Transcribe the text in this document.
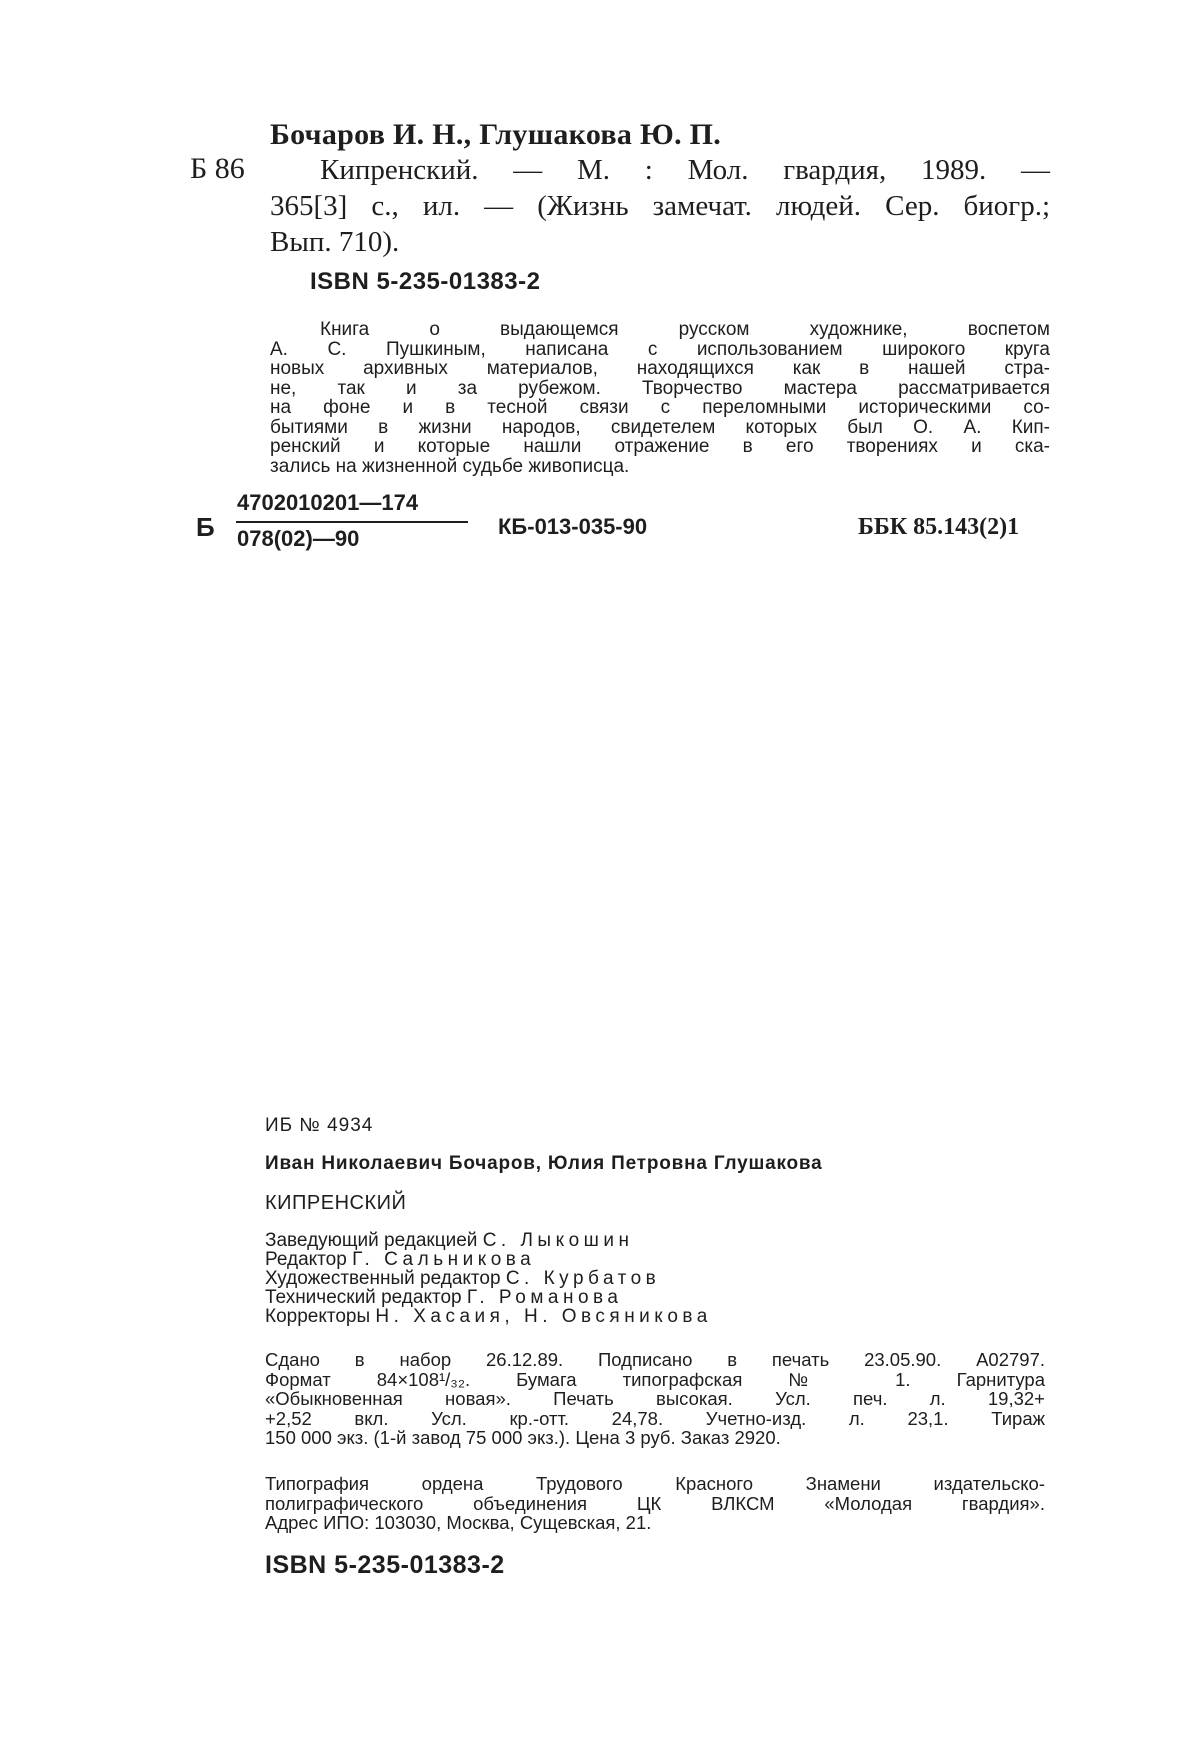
Бочаров И. Н., Глушакова Ю. П.
Б 86	Кипренский. — М. : Мол. гвардия, 1989. —
365[3] с., ил. — (Жизнь замечат. людей. Сер. биогр.;
Вып. 710).
ISBN 5-235-01383-2
Книга о выдающемся русском художнике, воспетом
А. С. Пушкиным, написана с использованием широкого круга
новых архивных материалов, находящихся как в нашей стра-
не, так и за рубежом. Творчество мастера рассматривается
на фоне и в тесной связи с переломными историческими со-
бытиями в жизни народов, свидетелем которых был О. А. Кип-
ренский и которые нашли отражение в его творениях и ска-
зались на жизненной судьбе живописца.
Б
4702010201—174
078(02)—90	КБ-013-035-90	ББК 85.143(2)1
ИБ № 4934
Иван Николаевич Бочаров, Юлия Петровна Глушакова
КИПРЕНСКИЙ
Заведующий редакцией С. Лыкошин
Редактор Г. Сальникова
Художественный редактор С. Курбатов
Технический редактор Г. Романова
Корректоры Н. Хасаия, Н. Овсяникова
Сдано в набор 26.12.89. Подписано в печать 23.05.90. А02797.
Формат 84×108¹/₃₂. Бумага типографская № 1. Гарнитура
«Обыкновенная новая». Печать высокая. Усл. печ. л. 19,32+
+2,52 вкл. Усл. кр.-отт. 24,78. Учетно-изд. л. 23,1. Тираж
150 000 экз. (1-й завод 75 000 экз.). Цена 3 руб. Заказ 2920.
Типография ордена Трудового Красного Знамени издательско-
полиграфического объединения ЦК ВЛКСМ «Молодая гвардия».
Адрес ИПО: 103030, Москва, Сущевская, 21.
ISBN 5-235-01383-2
